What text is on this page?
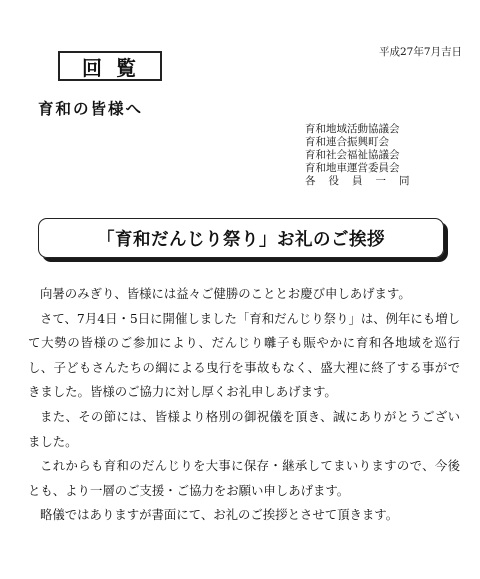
回覧
平成27年7月吉日
育和の皆様へ
育和地域活動協議会
育和連合振興町会
育和社会福祉協議会
育和地車運営委員会
各役員一同
「育和だんじり祭り」お礼のご挨拶

向暑のみぎり、皆様には益々ご健勝のこととお慶び申しあげます。

さて、7月4日・5日に開催しました「育和だんじり祭り」は、例年にも増して大勢の皆様のご参加により、だんじり囃子も賑やかに育和各地域を巡行し、子どもさんたちの綱による曳行を事故もなく、盛大裡に終了する事ができました。皆様のご協力に対し厚くお礼申しあげます。

また、その節には、皆様より格別の御祝儀を頂き、誠にありがとうございました。

これからも育和のだんじりを大事に保存・継承してまいりますので、今後とも、より一層のご支援・ご協力をお願い申しあげます。

略儀ではありますが書面にて、お礼のご挨拶とさせて頂きます。
